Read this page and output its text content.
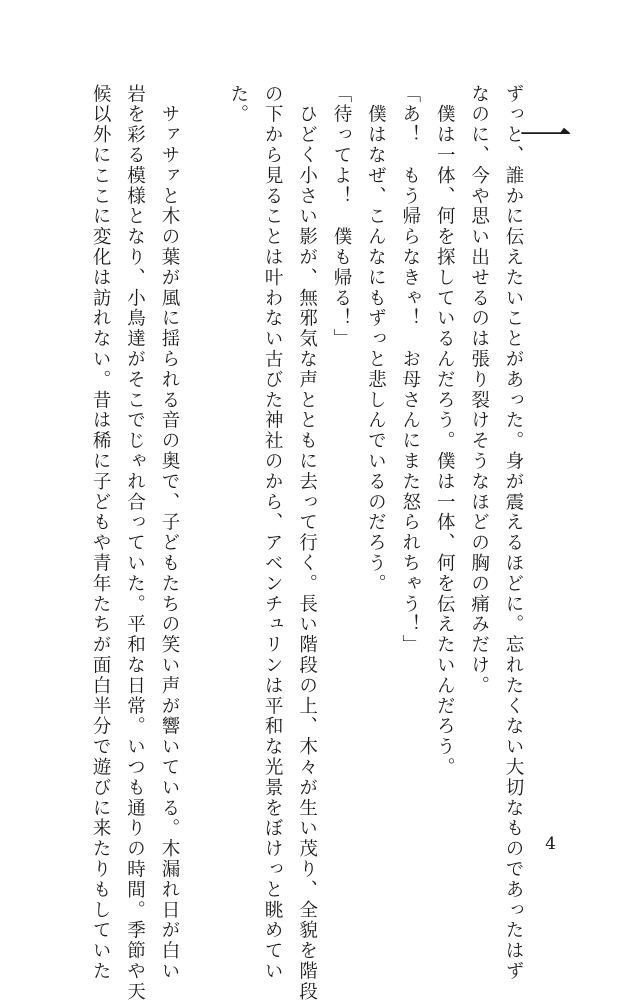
一
ずっと、誰かに伝えたいことがあった。身が震えるほどに。忘れたくない大切なものであったはず
なのに、今や思い出せるのは張り裂けそうなほどの胸の痛みだけ。
　僕は一体、何を探しているんだろう。僕は一体、何を伝えたいんだろう。
「あ！　もう帰らなきゃ！　お母さんにまた怒られちゃう！」
　僕はなぜ、こんなにもずっと悲しんでいるのだろう。
「待ってよ！　僕も帰る！」
　ひどく小さい影が、無邪気な声とともに去って行く。長い階段の上、木々が生い茂り、全貌を階段
の下から見ることは叶わない古びた神社のから、アベンチュリンは平和な光景をぼけっと眺めてい
た。
　サァサァと木の葉が風に揺られる音の奥で、子どもたちの笑い声が響いている。木漏れ日が白い
岩を彩る模様となり、小鳥達がそこでじゃれ合っていた。平和な日常。いつも通りの時間。季節や天
候以外にここに変化は訪れない。昔は稀に子どもや青年たちが面白半分で遊びに来たりもしていた	4
